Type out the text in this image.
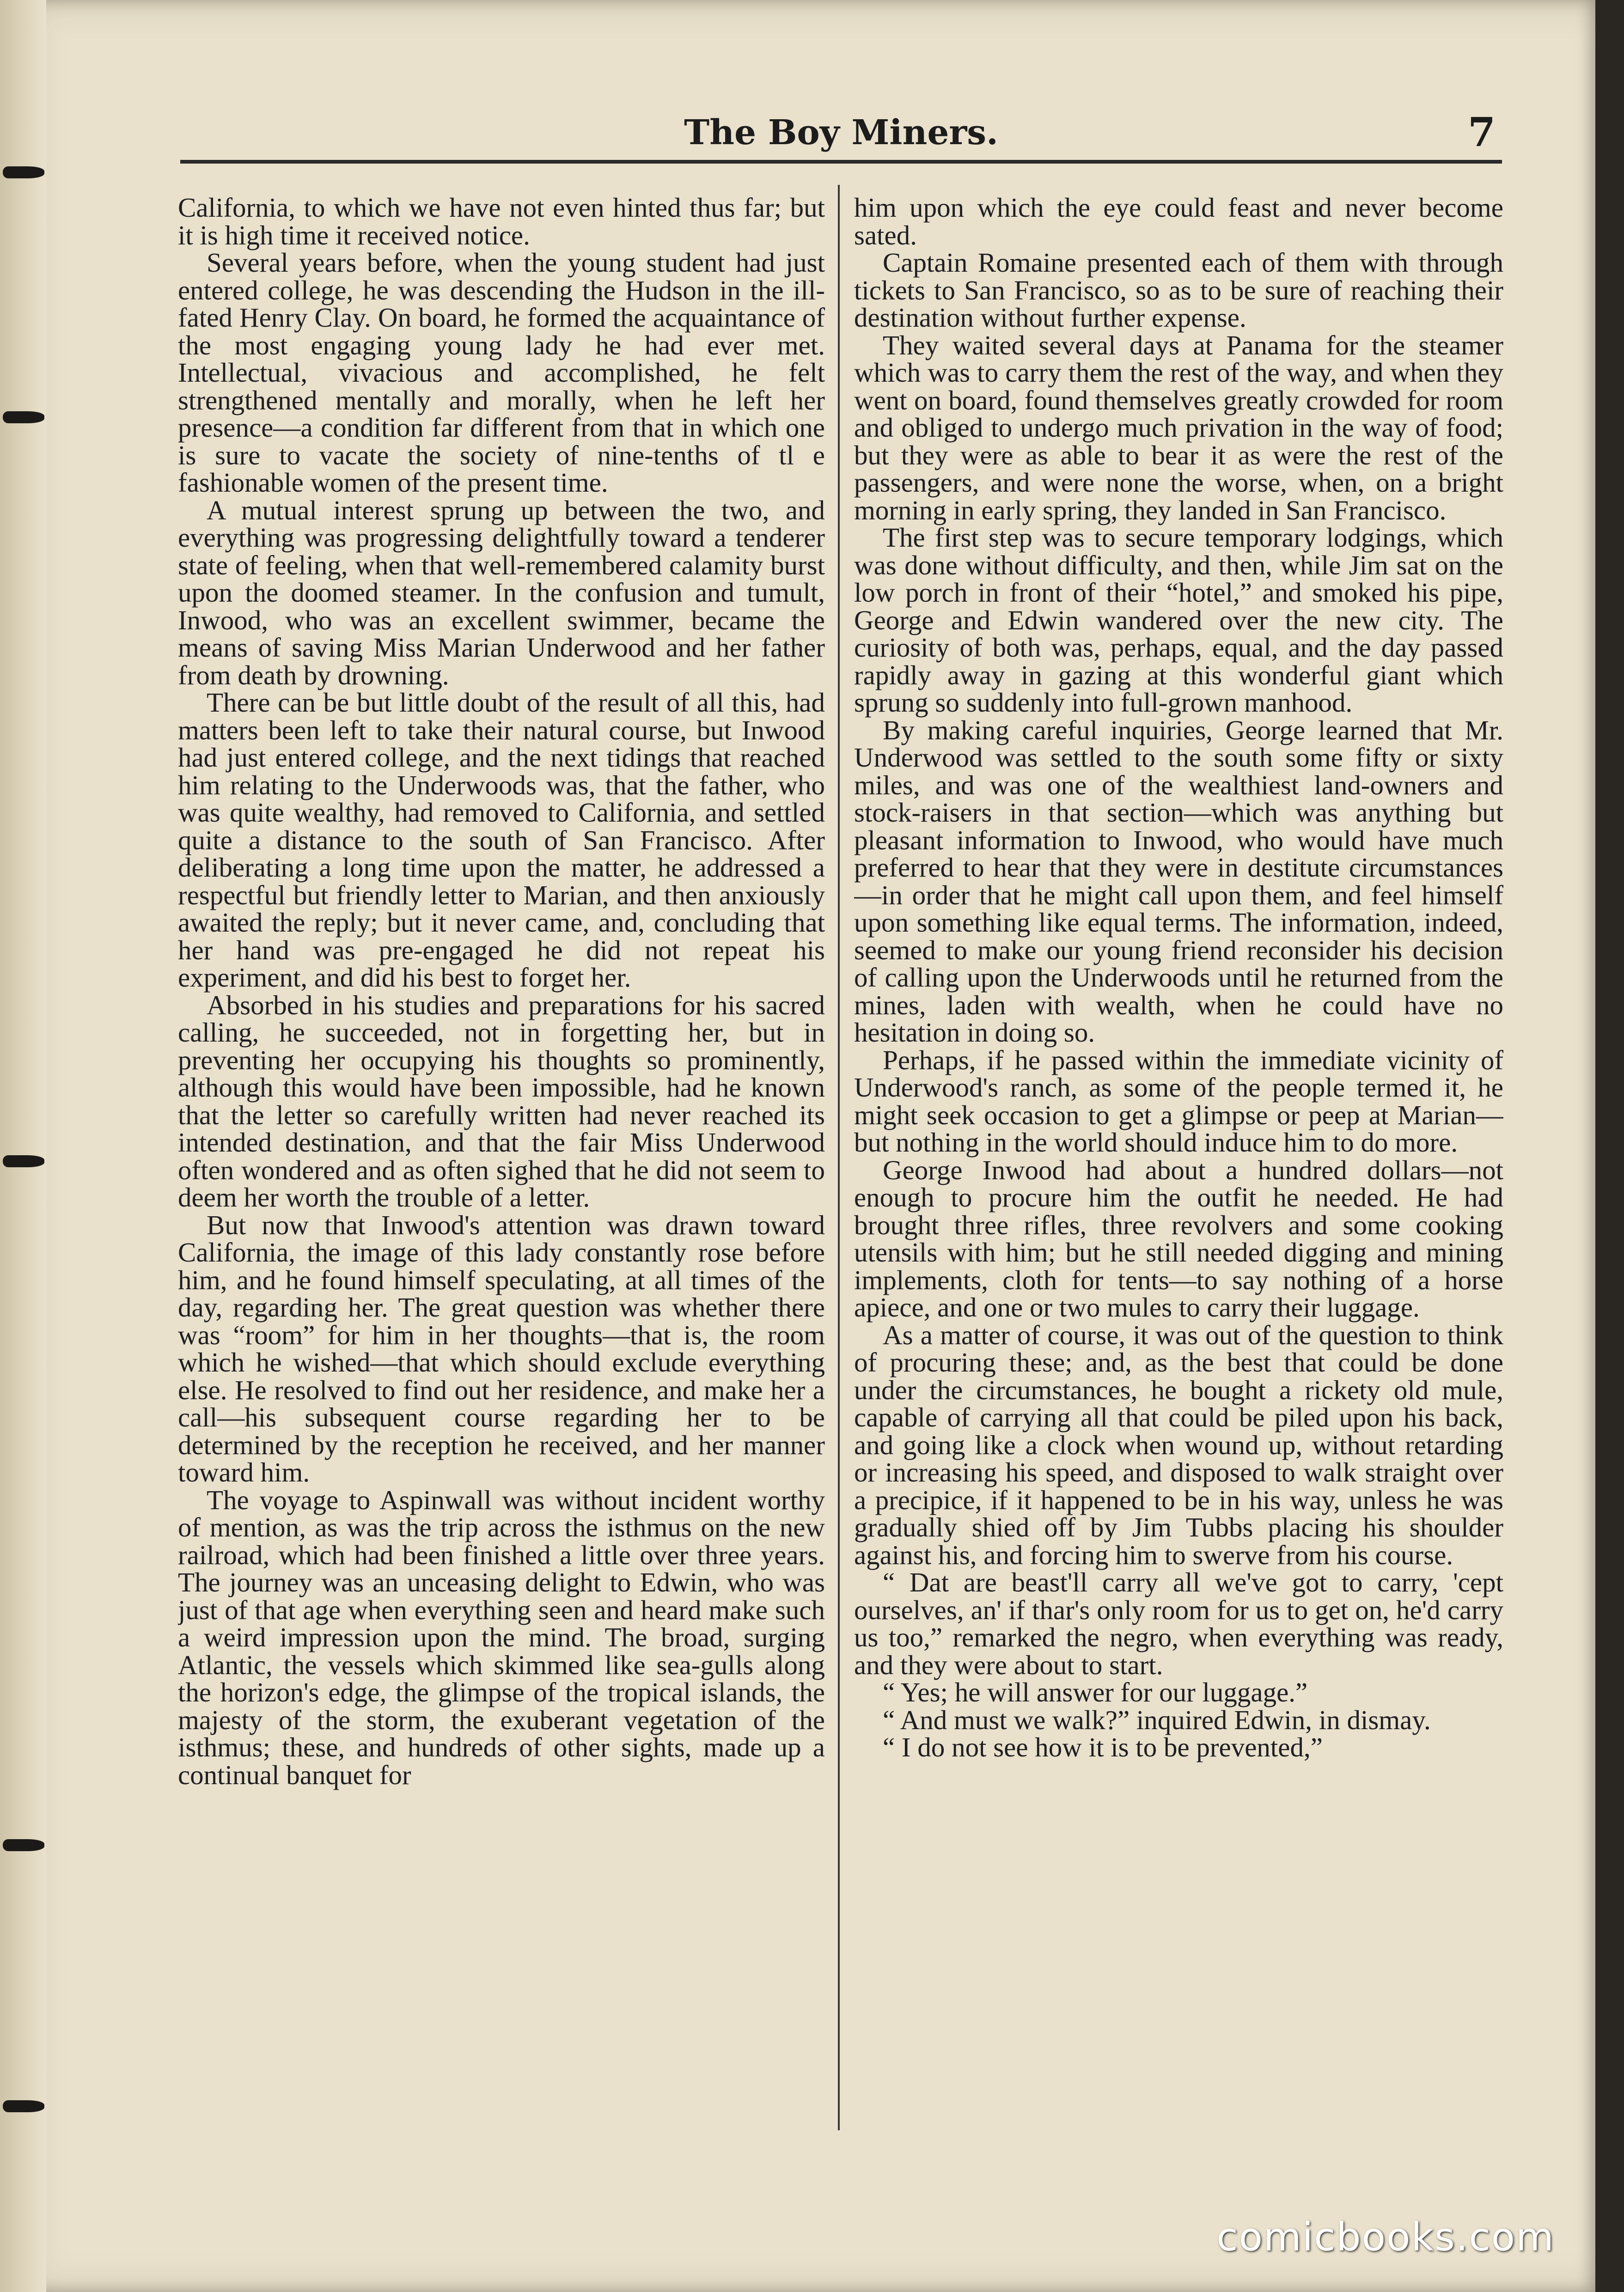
The Boy Miners.	7

California, to which we have not even hinted thus far; but it is high time it received notice.

Several years before, when the young student had just entered college, he was descending the Hudson in the ill-fated Henry Clay. On board, he formed the acquaintance of the most engaging young lady he had ever met. Intellectual, vivacious and accomplished, he felt strengthened mentally and morally, when he left her presence—a condition far different from that in which one is sure to vacate the society of nine-tenths of tl e fashionable women of the present time.

A mutual interest sprung up between the two, and everything was progressing delightfully toward a tenderer state of feeling, when that well-remembered calamity burst upon the doomed steamer. In the confusion and tumult, Inwood, who was an excellent swimmer, became the means of saving Miss Marian Underwood and her father from death by drowning.

There can be but little doubt of the result of all this, had matters been left to take their natural course, but Inwood had just entered college, and the next tidings that reached him relating to the Underwoods was, that the father, who was quite wealthy, had removed to California, and settled quite a distance to the south of San Francisco. After deliberating a long time upon the matter, he addressed a respectful but friendly letter to Marian, and then anxiously awaited the reply; but it never came, and, concluding that her hand was pre-engaged he did not repeat his experiment, and did his best to forget her.

Absorbed in his studies and preparations for his sacred calling, he succeeded, not in forgetting her, but in preventing her occupying his thoughts so prominently, although this would have been impossible, had he known that the letter so carefully written had never reached its intended destination, and that the fair Miss Underwood often wondered and as often sighed that he did not seem to deem her worth the trouble of a letter.

But now that Inwood's attention was drawn toward California, the image of this lady constantly rose before him, and he found himself speculating, at all times of the day, regarding her. The great question was whether there was “room” for him in her thoughts—that is, the room which he wished—that which should exclude everything else. He resolved to find out her residence, and make her a call—his subsequent course regarding her to be determined by the reception he received, and her manner toward him.

The voyage to Aspinwall was without incident worthy of mention, as was the trip across the isthmus on the new railroad, which had been finished a little over three years. The journey was an unceasing delight to Edwin, who was just of that age when everything seen and heard make such a weird impression upon the mind. The broad, surging Atlantic, the vessels which skimmed like sea-gulls along the horizon's edge, the glimpse of the tropical islands, the majesty of the storm, the exuberant vegetation of the isthmus; these, and hundreds of other sights, made up a continual banquet for

him upon which the eye could feast and never become sated.

Captain Romaine presented each of them with through tickets to San Francisco, so as to be sure of reaching their destination without further expense.

They waited several days at Panama for the steamer which was to carry them the rest of the way, and when they went on board, found themselves greatly crowded for room and obliged to undergo much privation in the way of food; but they were as able to bear it as were the rest of the passengers, and were none the worse, when, on a bright morning in early spring, they landed in San Francisco.

The first step was to secure temporary lodgings, which was done without difficulty, and then, while Jim sat on the low porch in front of their “hotel,” and smoked his pipe, George and Edwin wandered over the new city. The curiosity of both was, perhaps, equal, and the day passed rapidly away in gazing at this wonderful giant which sprung so suddenly into full-grown manhood.

By making careful inquiries, George learned that Mr. Underwood was settled to the south some fifty or sixty miles, and was one of the wealthiest land-owners and stock-raisers in that section—which was anything but pleasant information to Inwood, who would have much preferred to hear that they were in destitute circumstances—in order that he might call upon them, and feel himself upon something like equal terms. The information, indeed, seemed to make our young friend reconsider his decision of calling upon the Underwoods until he returned from the mines, laden with wealth, when he could have no hesitation in doing so.

Perhaps, if he passed within the immediate vicinity of Underwood's ranch, as some of the people termed it, he might seek occasion to get a glimpse or peep at Marian—but nothing in the world should induce him to do more.

George Inwood had about a hundred dollars—not enough to procure him the outfit he needed. He had brought three rifles, three revolvers and some cooking utensils with him; but he still needed digging and mining implements, cloth for tents—to say nothing of a horse apiece, and one or two mules to carry their luggage.

As a matter of course, it was out of the question to think of procuring these; and, as the best that could be done under the circumstances, he bought a rickety old mule, capable of carrying all that could be piled upon his back, and going like a clock when wound up, without retarding or increasing his speed, and disposed to walk straight over a precipice, if it happened to be in his way, unless he was gradually shied off by Jim Tubbs placing his shoulder against his, and forcing him to swerve from his course.

“ Dat are beast'll carry all we've got to carry, 'cept ourselves, an' if thar's only room for us to get on, he'd carry us too,” remarked the negro, when everything was ready, and they were about to start.

“ Yes; he will answer for our luggage.”

“ And must we walk?” inquired Edwin, in dismay.

“ I do not see how it is to be prevented,”

comicbooks.com
